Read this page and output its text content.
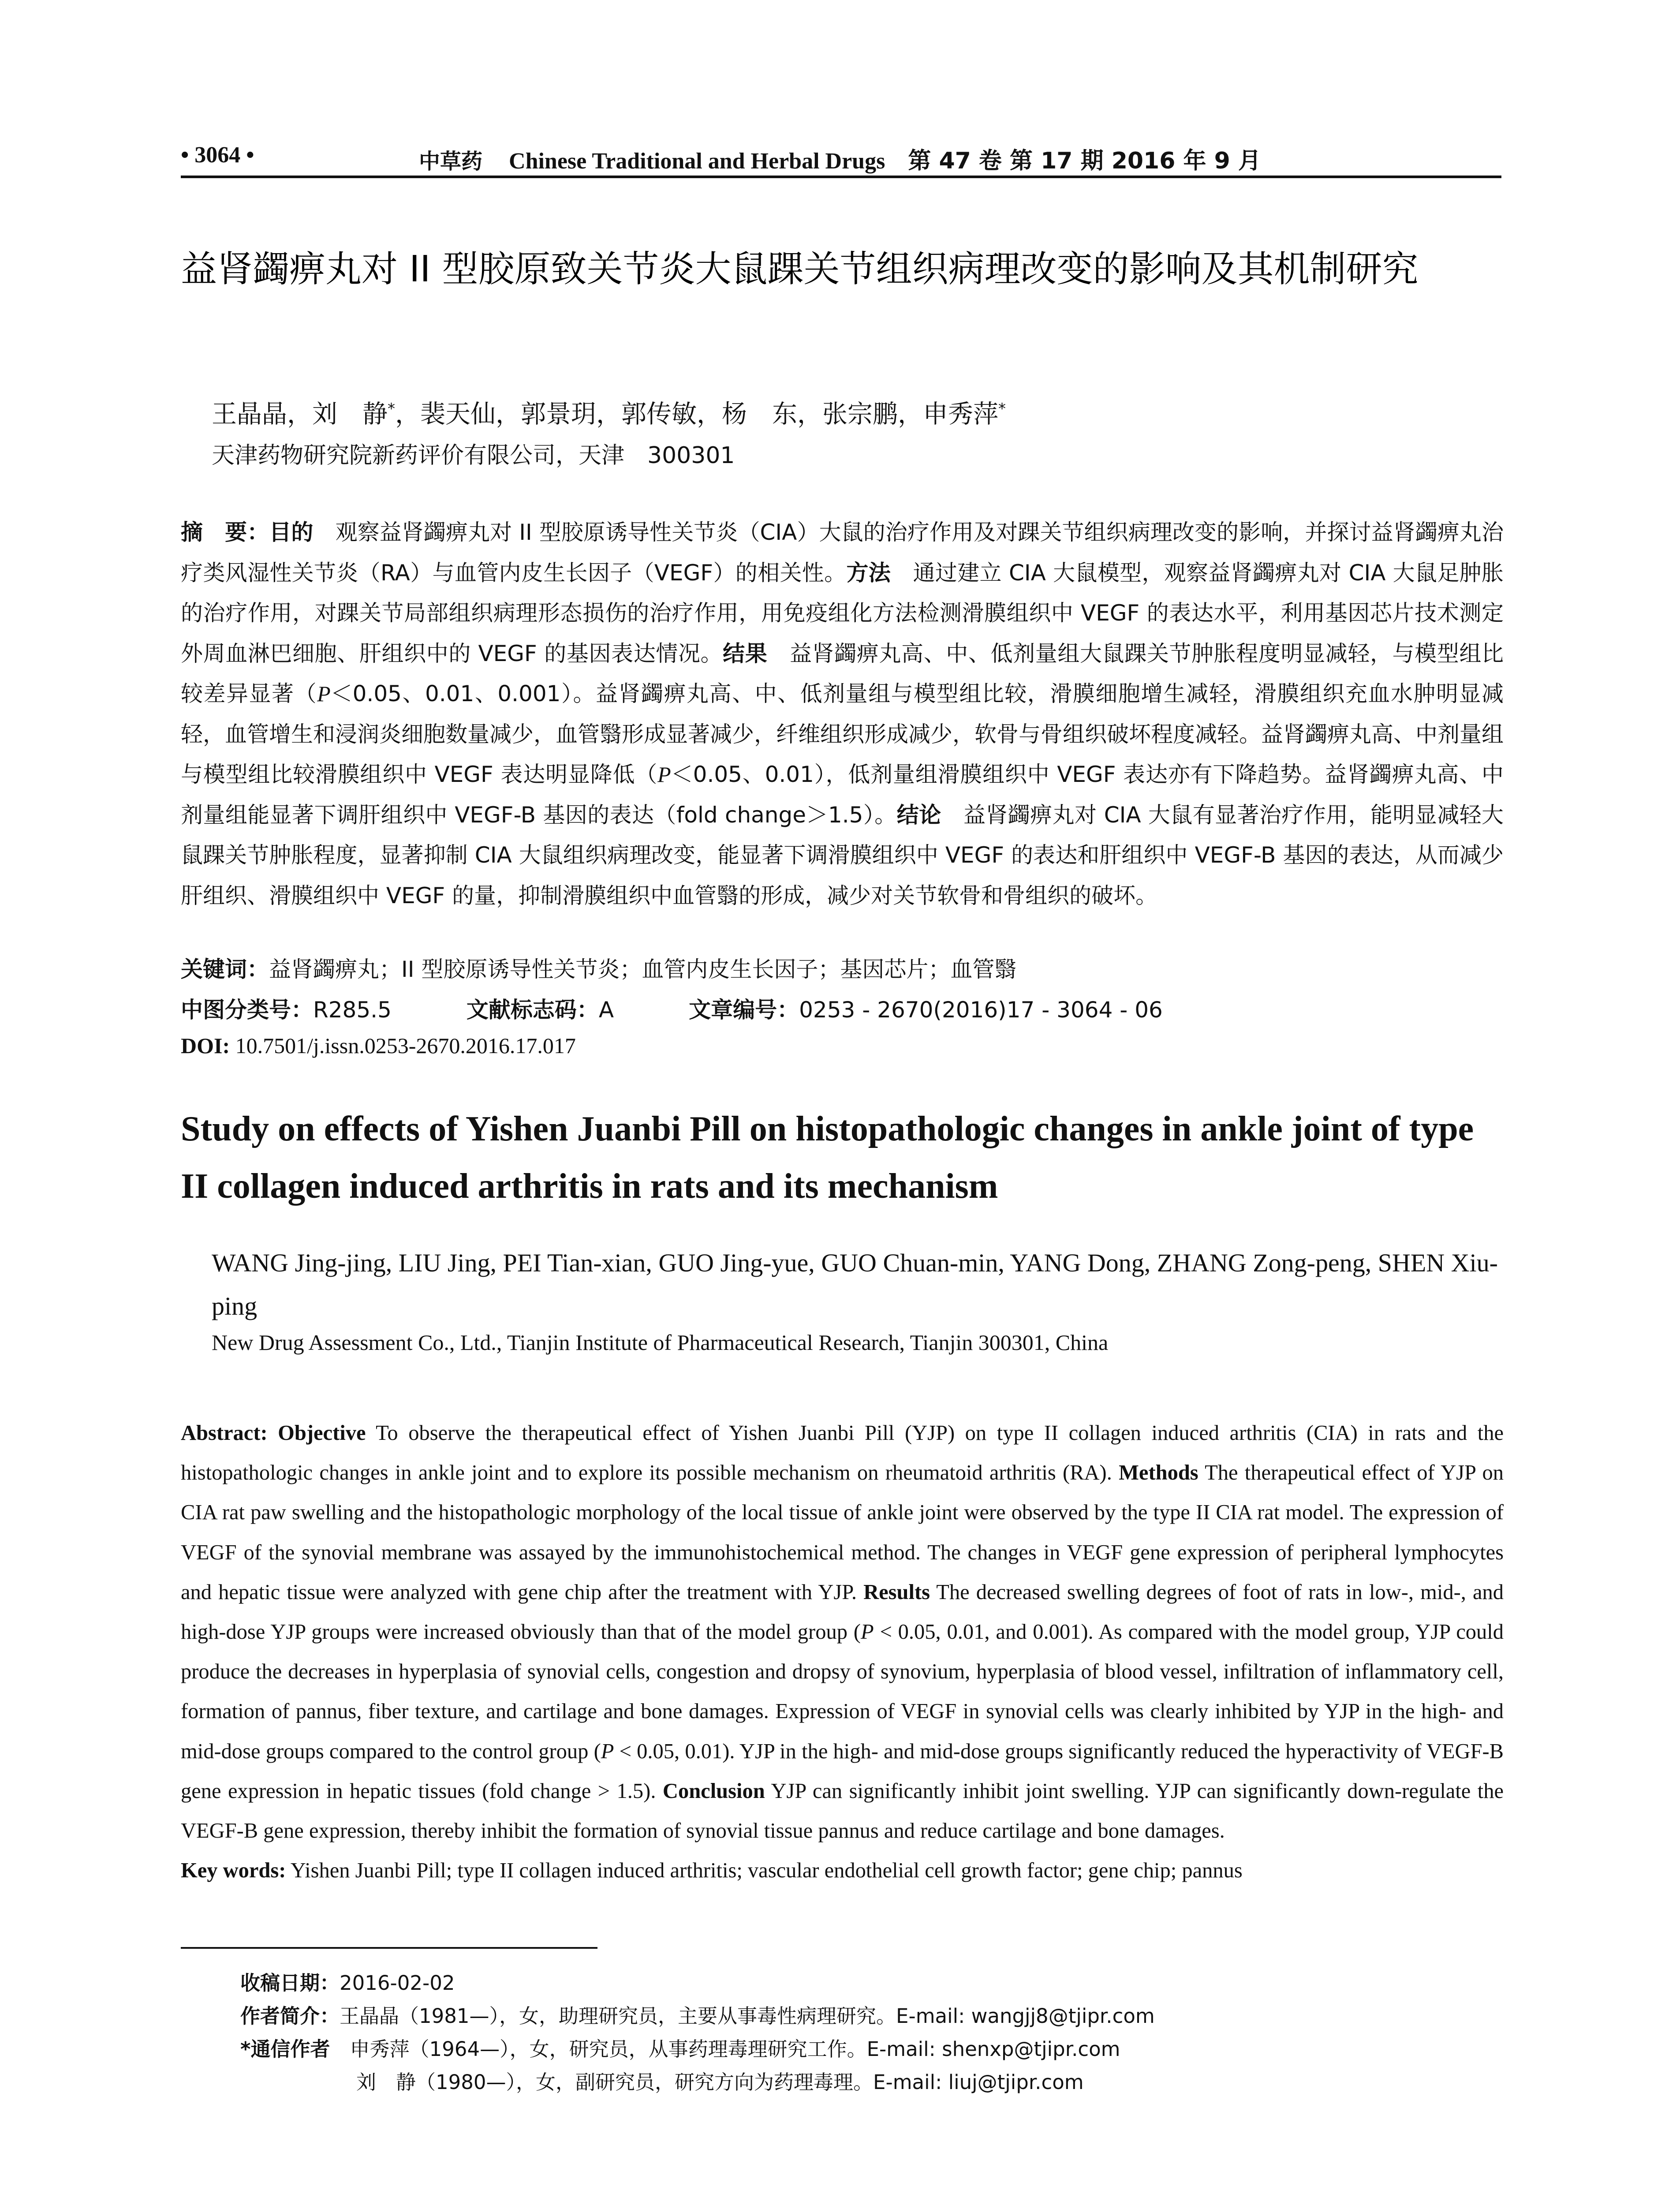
• 3064 •	中草药 Chinese Traditional and Herbal Drugs　 第 47 卷 第 17 期 2016 年 9 月
益肾蠲痹丸对 II 型胶原致关节炎大鼠踝关节组织病理改变的影响及其机制研究
王晶晶，刘　静*，裴天仙，郭景玥，郭传敏，杨　东，张宗鹏，申秀萍*
天津药物研究院新药评价有限公司，天津　300301
摘　要：目的　观察益肾蠲痹丸对 II 型胶原诱导性关节炎（CIA）大鼠的治疗作用及对踝关节组织病理改变的影响，并探讨益肾蠲痹丸治疗类风湿性关节炎（RA）与血管内皮生长因子（VEGF）的相关性。方法　通过建立 CIA 大鼠模型，观察益肾蠲痹丸对 CIA 大鼠足肿胀的治疗作用，对踝关节局部组织病理形态损伤的治疗作用，用免疫组化方法检测滑膜组织中 VEGF 的表达水平，利用基因芯片技术测定外周血淋巴细胞、肝组织中的 VEGF 的基因表达情况。结果　益肾蠲痹丸高、中、低剂量组大鼠踝关节肿胀程度明显减轻，与模型组比较差异显著（P＜0.05、0.01、0.001）。益肾蠲痹丸高、中、低剂量组与模型组比较，滑膜细胞增生减轻，滑膜组织充血水肿明显减轻，血管增生和浸润炎细胞数量减少，血管翳形成显著减少，纤维组织形成减少，软骨与骨组织破坏程度减轻。益肾蠲痹丸高、中剂量组与模型组比较滑膜组织中 VEGF 表达明显降低（P＜0.05、0.01），低剂量组滑膜组织中 VEGF 表达亦有下降趋势。益肾蠲痹丸高、中剂量组能显著下调肝组织中 VEGF-B 基因的表达（fold change＞1.5）。结论　益肾蠲痹丸对 CIA 大鼠有显著治疗作用，能明显减轻大鼠踝关节肿胀程度，显著抑制 CIA 大鼠组织病理改变，能显著下调滑膜组织中 VEGF 的表达和肝组织中 VEGF-B 基因的表达，从而减少肝组织、滑膜组织中 VEGF 的量，抑制滑膜组织中血管翳的形成，减少对关节软骨和骨组织的破坏。
关键词：益肾蠲痹丸；II 型胶原诱导性关节炎；血管内皮生长因子；基因芯片；血管翳
中图分类号：R285.5	文献标志码：A	文章编号：0253 - 2670(2016)17 - 3064 - 06
DOI: 10.7501/j.issn.0253-2670.2016.17.017
Study on effects of Yishen Juanbi Pill on histopathologic changes in ankle joint of type II collagen induced arthritis in rats and its mechanism
WANG Jing-jing, LIU Jing, PEI Tian-xian, GUO Jing-yue, GUO Chuan-min, YANG Dong, ZHANG Zong-peng, SHEN Xiu-ping
New Drug Assessment Co., Ltd., Tianjin Institute of Pharmaceutical Research, Tianjin 300301, China
Abstract: Objective To observe the therapeutical effect of Yishen Juanbi Pill (YJP) on type II collagen induced arthritis (CIA) in rats and the histopathologic changes in ankle joint and to explore its possible mechanism on rheumatoid arthritis (RA). Methods The therapeutical effect of YJP on CIA rat paw swelling and the histopathologic morphology of the local tissue of ankle joint were observed by the type II CIA rat model. The expression of VEGF of the synovial membrane was assayed by the immunohistochemical method. The changes in VEGF gene expression of peripheral lymphocytes and hepatic tissue were analyzed with gene chip after the treatment with YJP. Results The decreased swelling degrees of foot of rats in low-, mid-, and high-dose YJP groups were increased obviously than that of the model group (P < 0.05, 0.01, and 0.001). As compared with the model group, YJP could produce the decreases in hyperplasia of synovial cells, congestion and dropsy of synovium, hyperplasia of blood vessel, infiltration of inflammatory cell, formation of pannus, fiber texture, and cartilage and bone damages. Expression of VEGF in synovial cells was clearly inhibited by YJP in the high- and mid-dose groups compared to the control group (P < 0.05, 0.01). YJP in the high- and mid-dose groups significantly reduced the hyperactivity of VEGF-B gene expression in hepatic tissues (fold change > 1.5). Conclusion YJP can significantly inhibit joint swelling. YJP can significantly down-regulate the VEGF-B gene expression, thereby inhibit the formation of synovial tissue pannus and reduce cartilage and bone damages.
Key words: Yishen Juanbi Pill; type II collagen induced arthritis; vascular endothelial cell growth factor; gene chip; pannus
收稿日期：2016-02-02
作者简介：王晶晶（1981—），女，助理研究员，主要从事毒性病理研究。E-mail: wangjj8@tjipr.com
*通信作者　申秀萍（1964—），女，研究员，从事药理毒理研究工作。E-mail: shenxp@tjipr.com
刘　静（1980—），女，副研究员，研究方向为药理毒理。E-mail: liuj@tjipr.com
